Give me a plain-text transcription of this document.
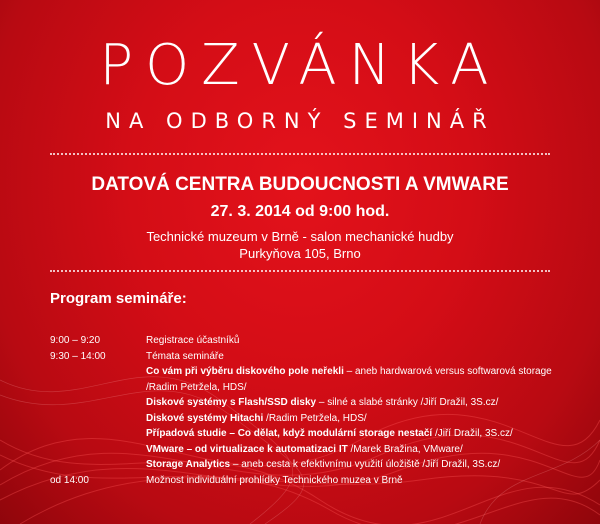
POZVÁNKA
NA ODBORNÝ SEMINÁŘ
DATOVÁ CENTRA BUDOUCNOSTI A VMWARE
27. 3. 2014 od 9:00 hod.
Technické muzeum v Brně - salon mechanické hudby
Purkyňova 105, Brno
Program semináře:
9:00 – 9:20	Registrace účastníků
9:30 – 14:00	Témata semináře
Co vám při výběru diskového pole neřekli – aneb hardwarová versus softwarová storage /Radim Petrželа, HDS/
Diskové systémy s Flash/SSD disky – silné a slabé stránky /Jiří Dražil, 3S.cz/
Diskové systémy Hitachi /Radim Petrželа, HDS/
Případová studie – Co dělat, když modulární storage nestačí /Jiří Dražil, 3S.cz/
VMware – od virtualizace k automatizaci IT /Marek Bražina, VMware/
Storage Analytics – aneb cesta k efektivnímu využití úložiště /Jiří Dražil, 3S.cz/
od 14:00	Možnost individuální prohlídky Technického muzea v Brně
